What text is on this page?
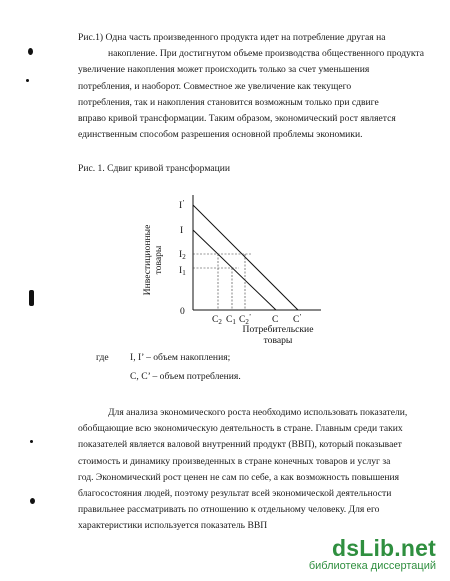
Рис.1) Одна часть произведенного продукта идет на потребление другая на
накопление. При достигнутом объеме производства общественного продукта
увеличение накопления может происходить только за счет уменьшения
потребления, и наоборот. Совместное же увеличение как текущего
потребления, так и накопления становится возможным только при сдвиге
вправо кривой трансформации. Таким образом, экономический рост является
единственным способом разрешения основной проблемы экономики.

Рис. 1. Сдвиг кривой трансформации

Инвестиционные товары
I’
I
$I_2$
$I_1$
0
$C_2$ $C_1$ $C_2^’$ C C’
Потребительские
товары

где I, I’ – объем накопления;

C, C’ – объем потребления.

Для анализа экономического роста необходимо использовать показатели,
обобщающие всю экономическую деятельность в стране. Главным среди таких
показателей является валовой внутренний продукт (ВВП), который показывает
стоимость и динамику произведенных в стране конечных товаров и услуг за
год. Экономический рост ценен не сам по себе, а как возможность повышения
благосостояния людей, поэтому результат всей экономической деятельности
правильнее рассматривать по отношению к отдельному человеку. Для его
характеристики используется показатель ВВП
dsLib.net
библиотека диссертаций
